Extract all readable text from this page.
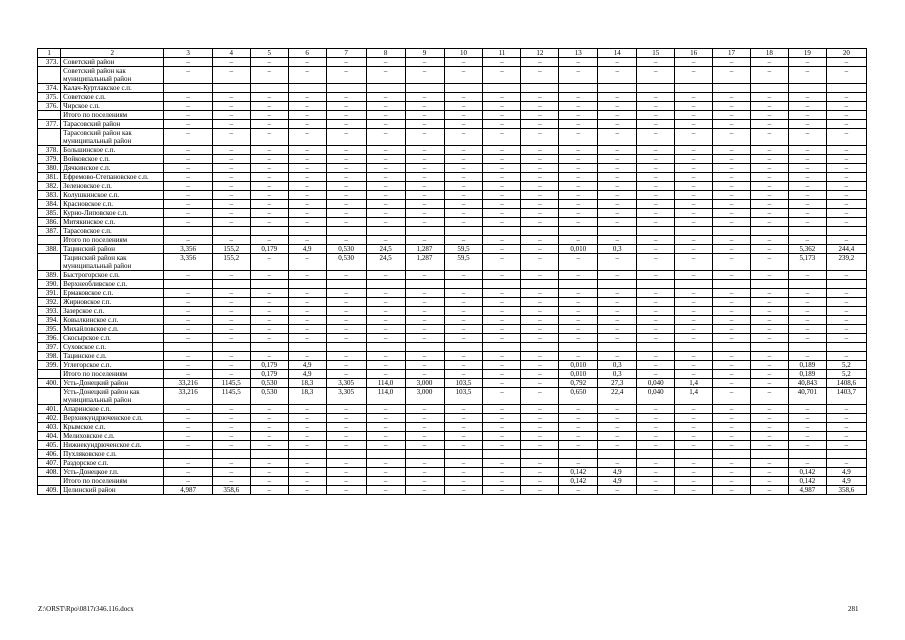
1	2	3	4	5	6	7	8	9	10	11	12	13	14	15	16	17	18	19	20
373.	Советский район	–	–	–	–	–	–	–	–	–	–	–	–	–	–	–	–	–	–
	Советский район как муниципальный район	–	–	–	–	–	–	–	–	–	–	–	–	–	–	–	–	–	–
374.	Калач-Куртлакское с.п.																		
375.	Советское с.п.	–	–	–	–	–	–	–	–	–	–	–	–	–	–	–	–	–	–
376.	Чирское с.п.	–	–	–	–	–	–	–	–	–	–	–	–	–	–	–	–	–	–
	Итого по поселениям	–	–	–	–	–	–	–	–	–	–	–	–	–	–	–	–	–	–
377.	Тарасовский район	–	–	–	–	–	–	–	–	–	–	–	–	–	–	–	–	–	–
	Тарасовский район как муниципальный район	–	–	–	–	–	–	–	–	–	–	–	–	–	–	–	–	–	–
378.	Большинское с.п.	–	–	–	–	–	–	–	–	–	–	–	–	–	–	–	–	–	–
379.	Войковское с.п.	–	–	–	–	–	–	–	–	–	–	–	–	–	–	–	–	–	–
380.	Дячкинское с.п.	–	–	–	–	–	–	–	–	–	–	–	–	–	–	–	–	–	–
381.	Ефремово-Степановское с.п.	–	–	–	–	–	–	–	–	–	–	–	–	–	–	–	–	–	–
382.	Зеленовское с.п.	–	–	–	–	–	–	–	–	–	–	–	–	–	–	–	–	–	–
383.	Колушкинское с.п.	–	–	–	–	–	–	–	–	–	–	–	–	–	–	–	–	–	–
384.	Красновское с.п.	–	–	–	–	–	–	–	–	–	–	–	–	–	–	–	–	–	–
385.	Курно-Липовское с.п.	–	–	–	–	–	–	–	–	–	–	–	–	–	–	–	–	–	–
386.	Митякинское с.п.	–	–	–	–	–	–	–	–	–	–	–	–	–	–	–	–	–	–
387.	Тарасовское с.п.																		
	Итого по поселениям	–	–	–	–	–	–	–	–	–	–	–	–	–	–	–	–	–	–
388.	Тацинский район	3,356	155,2	0,179	4,9	0,530	24,5	1,287	59,5	–	–	0,010	0,3	–	–	–	–	5,362	244,4
	Тацинский район как муниципальный район	3,356	155,2	–	–	0,530	24,5	1,287	59,5	–	–	–	–	–	–	–	–	5,173	239,2
389.	Быстрогорское с.п.	–	–	–	–	–	–	–	–	–	–	–	–	–	–	–	–	–	–
390.	Верхнеобливское с.п.																		
391.	Ермаковское с.п.	–	–	–	–	–	–	–	–	–	–	–	–	–	–	–	–	–	–
392.	Жирновское г.п.	–	–	–	–	–	–	–	–	–	–	–	–	–	–	–	–	–	–
393.	Зазерское с.п.	–	–	–	–	–	–	–	–	–	–	–	–	–	–	–	–	–	–
394.	Ковылкинское с.п.	–	–	–	–	–	–	–	–	–	–	–	–	–	–	–	–	–	–
395.	Михайловское с.п.	–	–	–	–	–	–	–	–	–	–	–	–	–	–	–	–	–	–
396.	Скосырское с.п.	–	–	–	–	–	–	–	–	–	–	–	–	–	–	–	–	–	–
397.	Суховское с.п.																		
398.	Тацинское с.п.	–	–	–	–	–	–	–	–	–	–	–	–	–	–	–	–	–	–
399.	Углегорское с.п.	–	–	0,179	4,9	–	–	–	–	–	–	0,010	0,3	–	–	–	–	0,189	5,2
	Итого по поселениям	–	–	0,179	4,9	–	–	–	–	–	–	0,010	0,3	–	–	–	–	0,189	5,2
400.	Усть-Донецкий район	33,216	1145,5	0,530	18,3	3,305	114,0	3,000	103,5	–	–	0,792	27,3	0,040	1,4	–	–	40,843	1408,6
	Усть-Донецкий район как муниципальный район	33,216	1145,5	0,530	18,3	3,305	114,0	3,000	103,5	–	–	0,650	22,4	0,040	1,4	–	–	40,701	1403,7
401.	Апаринское с.п.	–	–	–	–	–	–	–	–	–	–	–	–	–	–	–	–	–	–
402.	Верхнекундрюченское с.п.	–	–	–	–	–	–	–	–	–	–	–	–	–	–	–	–	–	–
403.	Крымское с.п.	–	–	–	–	–	–	–	–	–	–	–	–	–	–	–	–	–	–
404.	Мелиховское с.п.	–	–	–	–	–	–	–	–	–	–	–	–	–	–	–	–	–	–
405.	Нижнекундрюченское с.п.	–	–	–	–	–	–	–	–	–	–	–	–	–	–	–	–	–	–
406.	Пухляковское с.п.																		
407.	Раздорское с.п.	–	–	–	–	–	–	–	–	–	–	–	–	–	–	–	–	–	–
408.	Усть-Донецкое г.п.	–	–	–	–	–	–	–	–	–	–	0,142	4,9	–	–	–	–	0,142	4,9
	Итого по поселениям	–	–	–	–	–	–	–	–	–	–	0,142	4,9	–	–	–	–	0,142	4,9
409.	Целинский район	4,987	358,6	–	–	–	–	–	–	–	–	–	–	–	–	–	–	4,987	358,6
Z:\ORST\Rpo\0817r346.116.docx	281
